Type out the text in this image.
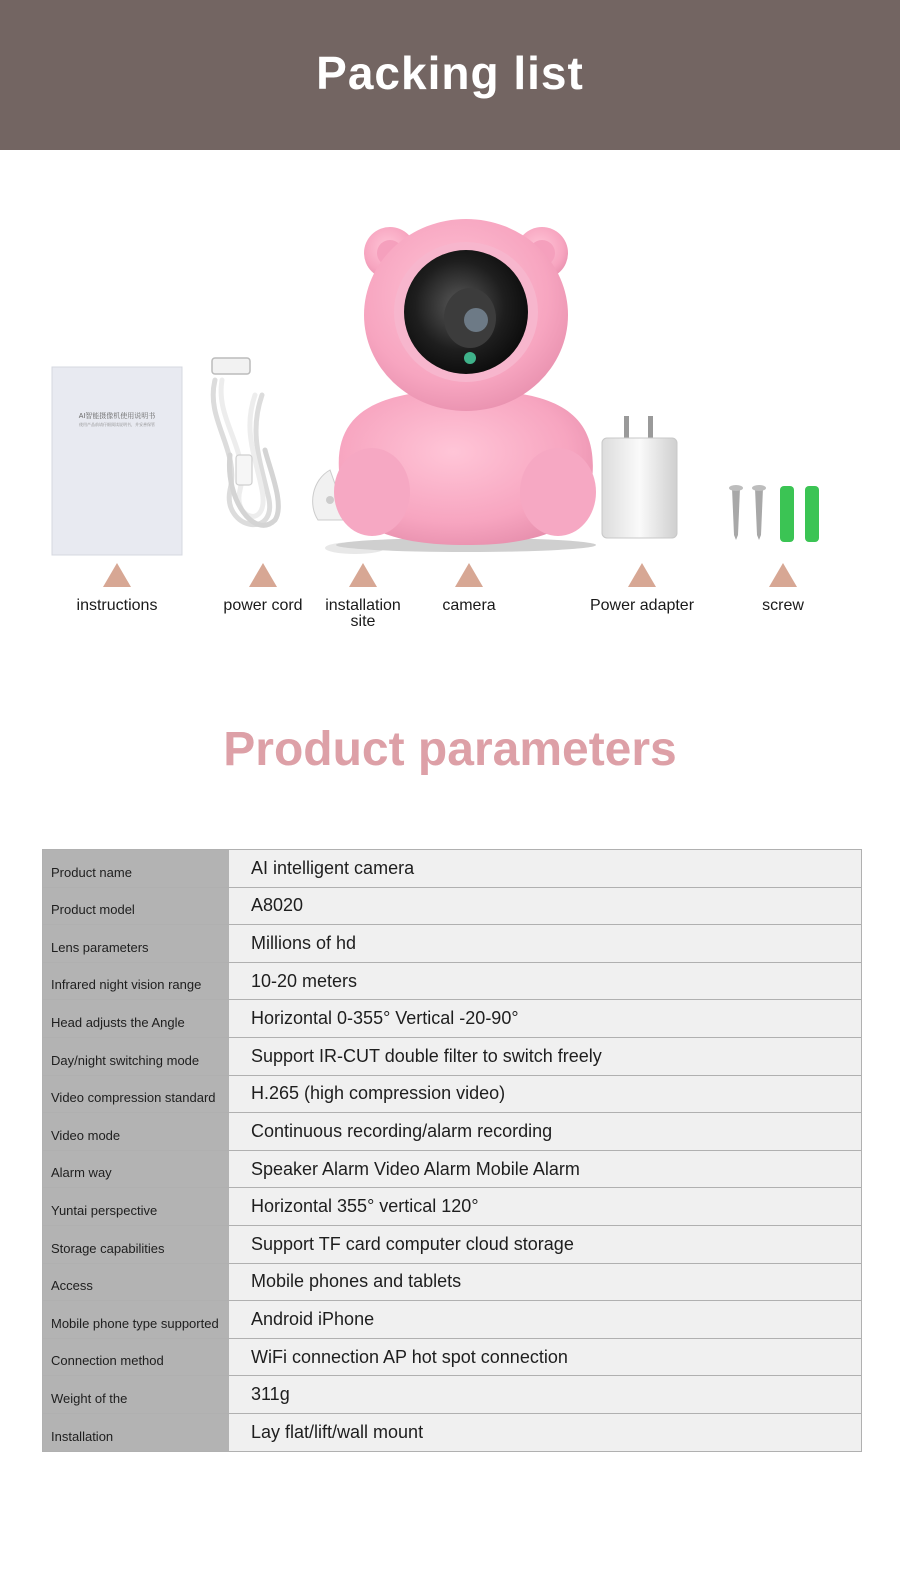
Packing list
AI智能摄像机使用说明书
使用产品前请仔细阅读说明书，并妥善保管
instructions	power cord	installation site
camera	Power adapter	screw
Product parameters
Product name	AI intelligent camera
Product model	A8020
Lens parameters	Millions of hd
Infrared night vision range	10-20 meters
Head adjusts the Angle	Horizontal 0-355° Vertical -20-90°
Day/night switching mode	Support IR-CUT double filter to switch freely
Video compression standard	H.265 (high compression video)
Video mode	Continuous recording/alarm recording
Alarm way	Speaker Alarm Video Alarm Mobile Alarm
Yuntai perspective	Horizontal 355° vertical 120°
Storage capabilities	Support TF card computer cloud storage
Access	Mobile phones and tablets
Mobile phone type supported	Android iPhone
Connection method	WiFi connection AP hot spot connection
Weight of the	311g
Installation	Lay flat/lift/wall mount
